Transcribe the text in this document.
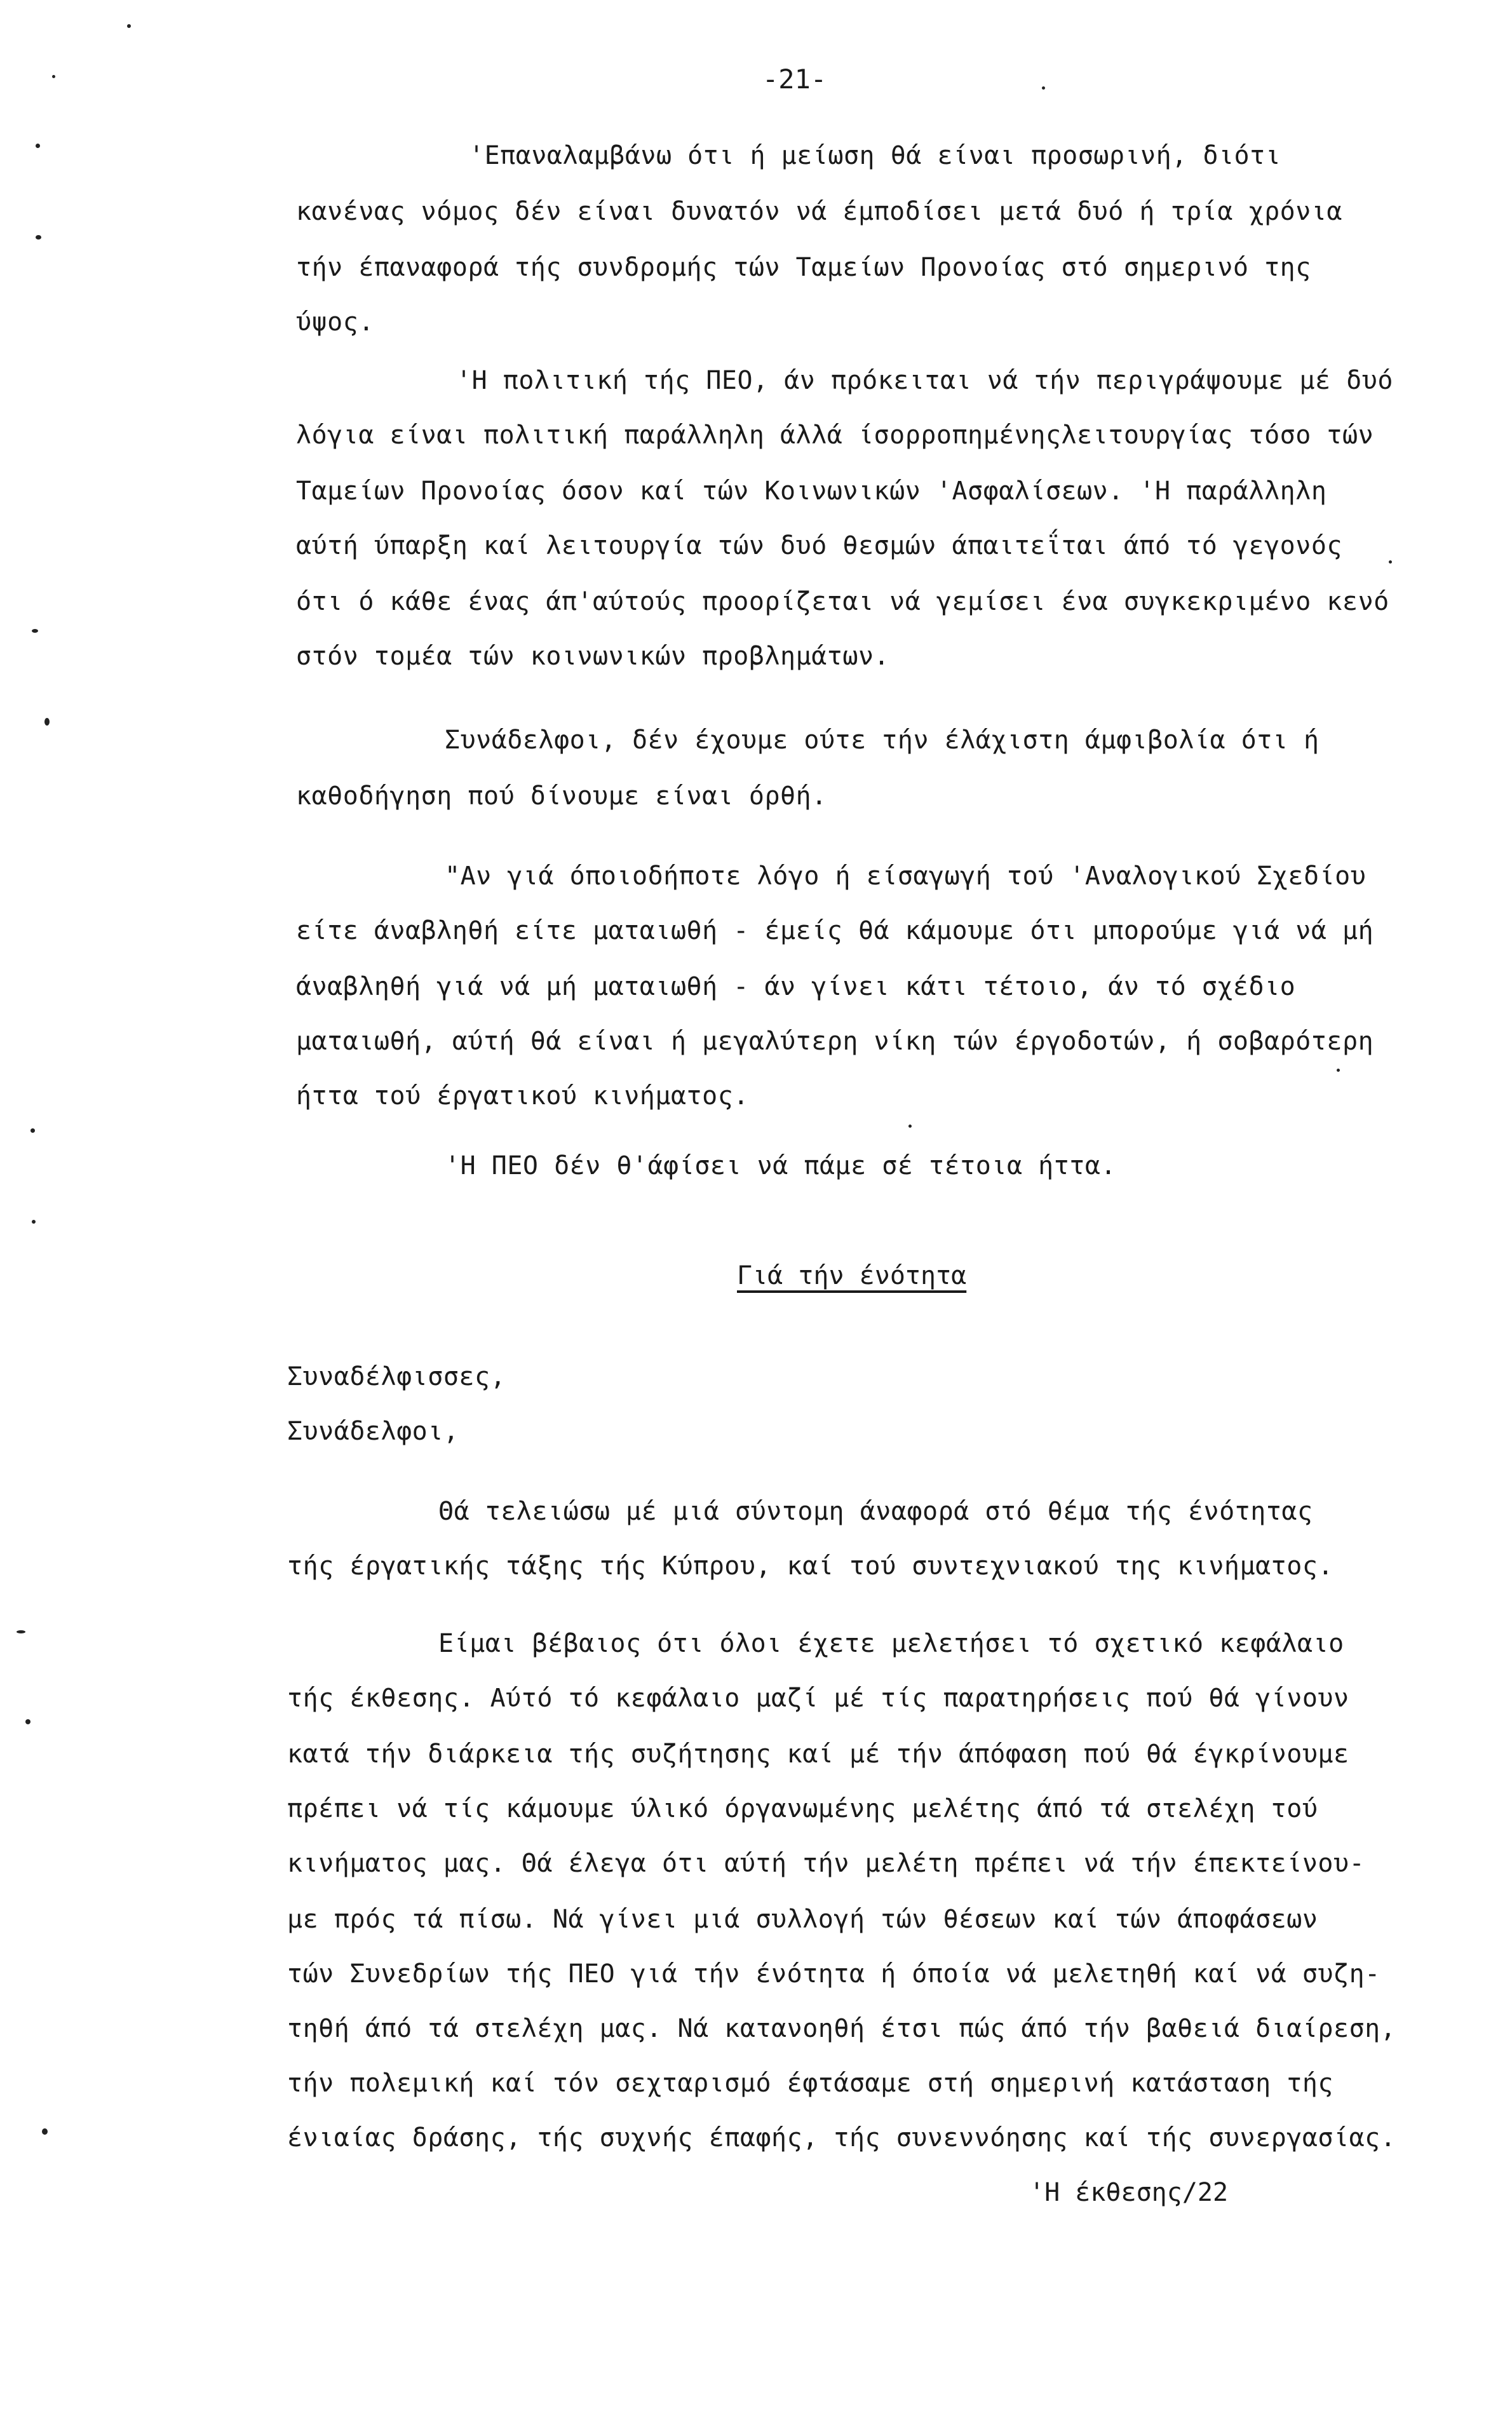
-21-
'Επαναλαμβάνω ότι ή μείωση θά είναι προσωρινή, διότι
κανένας νόμος δέν είναι δυνατόν νά έμποδίσει μετά δυό ή τρία χρόνια
τήν έπαναφορά τής συνδρομής τών Ταμείων Προνοίας στό σημερινό της
ύψος.
'Η πολιτική τής ΠΕΟ, άν πρόκειται νά τήν περιγράψουμε μέ δυό
λόγια είναι πολιτική παράλληλη άλλά ίσορροπημένηςλειτουργίας τόσο τών
Ταμείων Προνοίας όσον καί τών Κοινωνικών 'Ασφαλίσεων. 'Η παράλληλη
αύτή ύπαρξη καί λειτουργία τών δυό θεσμών άπαιτεΐται άπό τό γεγονός
ότι ό κάθε ένας άπ'αύτούς προορίζεται νά γεμίσει ένα συγκεκριμένο κενό
στόν τομέα τών κοινωνικών προβλημάτων.
Συνάδελφοι, δέν έχουμε ούτε τήν έλάχιστη άμφιβολία ότι ή
καθοδήγηση πού δίνουμε είναι όρθή.
"Αν γιά όποιοδήποτε λόγο ή είσαγωγή τού 'Αναλογικού Σχεδίου
είτε άναβληθή είτε ματαιωθή - έμείς θά κάμουμε ότι μπορούμε γιά νά μή
άναβληθή γιά νά μή ματαιωθή - άν γίνει κάτι τέτοιο, άν τό σχέδιο
ματαιωθή, αύτή θά είναι ή μεγαλύτερη νίκη τών έργοδοτών, ή σοβαρότερη
ήττα τού έργατικού κινήματος.
'Η ΠΕΟ δέν θ'άφίσει νά πάμε σέ τέτοια ήττα.
Γιά τήν ένότητα
Συναδέλφισσες,
Συνάδελφοι,
Θά τελειώσω μέ μιά σύντομη άναφορά στό θέμα τής ένότητας
τής έργατικής τάξης τής Κύπρου, καί τού συντεχνιακού της κινήματος.
Είμαι βέβαιος ότι όλοι έχετε μελετήσει τό σχετικό κεφάλαιο
τής έκθεσης. Αύτό τό κεφάλαιο μαζί μέ τίς παρατηρήσεις πού θά γίνουν
κατά τήν διάρκεια τής συζήτησης καί μέ τήν άπόφαση πού θά έγκρίνουμε
πρέπει νά τίς κάμουμε ύλικό όργανωμένης μελέτης άπό τά στελέχη τού
κινήματος μας. Θά έλεγα ότι αύτή τήν μελέτη πρέπει νά τήν έπεκτείνου-
με πρός τά πίσω. Νά γίνει μιά συλλογή τών θέσεων καί τών άποφάσεων
τών Συνεδρίων τής ΠΕΟ γιά τήν ένότητα ή όποία νά μελετηθή καί νά συζη-
τηθή άπό τά στελέχη μας. Νά κατανοηθή έτσι πώς άπό τήν βαθειά διαίρεση,
τήν πολεμική καί τόν σεχταρισμό έφτάσαμε στή σημερινή κατάσταση τής
ένιαίας δράσης, τής συχνής έπαφής, τής συνεννόησης καί τής συνεργασίας.
'Η έκθεσης/22
